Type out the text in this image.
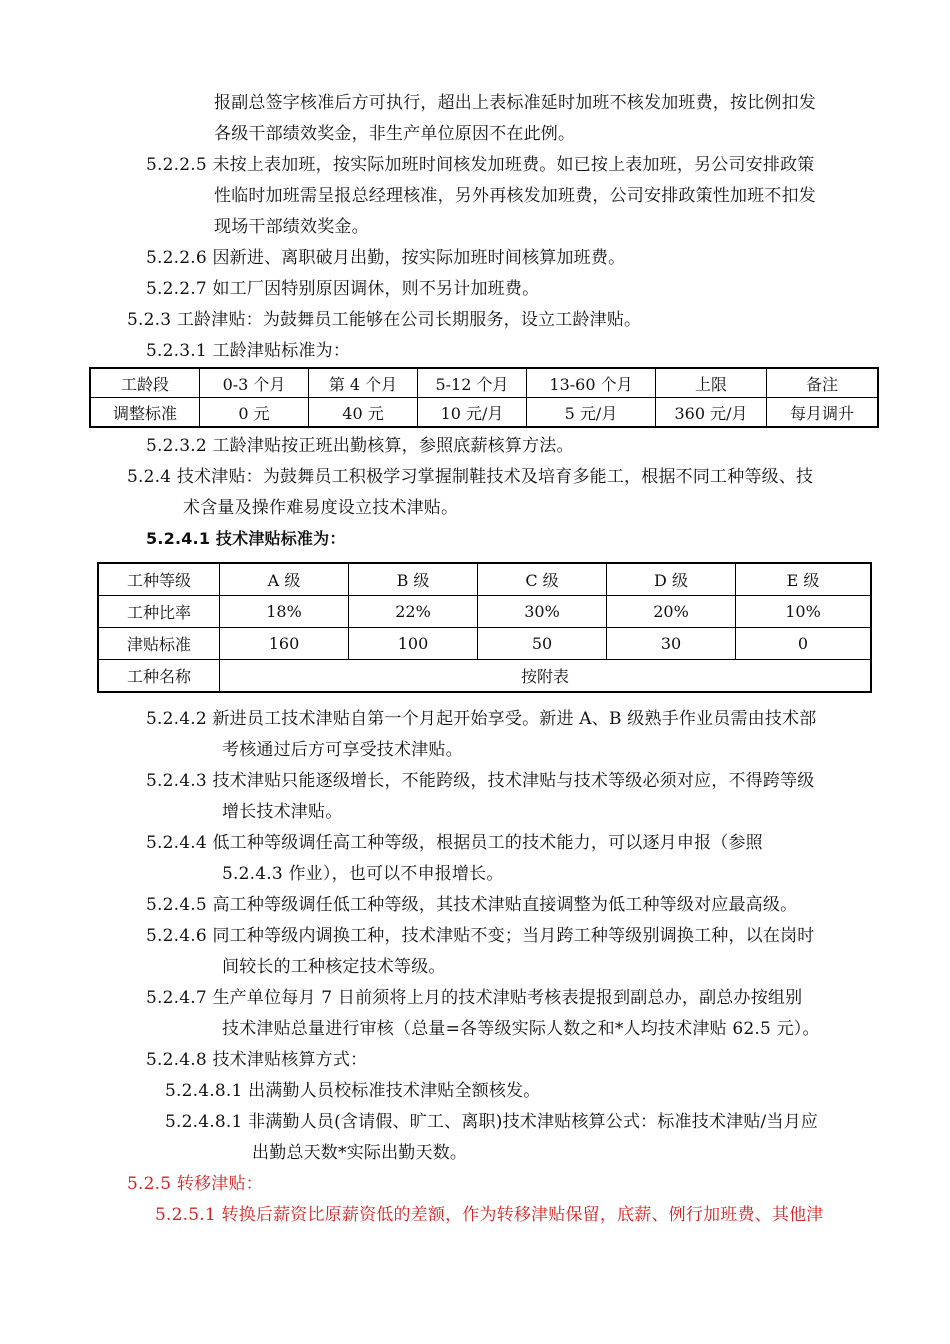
报副总签字核准后方可执行，超出上表标准延时加班不核发加班费，按比例扣发
各级干部绩效奖金，非生产单位原因不在此例。
5.2.2.5 未按上表加班，按实际加班时间核发加班费。如已按上表加班，另公司安排政策
性临时加班需呈报总经理核准，另外再核发加班费，公司安排政策性加班不扣发
现场干部绩效奖金。
5.2.2.6 因新进、离职破月出勤，按实际加班时间核算加班费。
5.2.2.7 如工厂因特别原因调休，则不另计加班费。
5.2.3 工龄津贴：为鼓舞员工能够在公司长期服务，设立工龄津贴。
5.2.3.1 工龄津贴标准为：
工龄段	0-3 个月	第 4 个月	5-12 个月	13-60 个月	上限	备注
调整标准	0 元	40 元	10 元/月	5 元/月	360 元/月	每月调升
5.2.3.2 工龄津贴按正班出勤核算，参照底薪核算方法。
5.2.4 技术津贴：为鼓舞员工积极学习掌握制鞋技术及培育多能工，根据不同工种等级、技
术含量及操作难易度设立技术津贴。
5.2.4.1 技术津贴标准为：
工种等级	A 级	B 级	C 级	D 级	E 级
工种比率	18%	22%	30%	20%	10%
津贴标准	160	100	50	30	0
工种名称	按附表				
5.2.4.2 新进员工技术津贴自第一个月起开始享受。新进 A、B 级熟手作业员需由技术部
考核通过后方可享受技术津贴。
5.2.4.3 技术津贴只能逐级增长，不能跨级，技术津贴与技术等级必须对应，不得跨等级
增长技术津贴。
5.2.4.4 低工种等级调任高工种等级，根据员工的技术能力，可以逐月申报（参照
5.2.4.3 作业），也可以不申报增长。
5.2.4.5 高工种等级调任低工种等级，其技术津贴直接调整为低工种等级对应最高级。
5.2.4.6 同工种等级内调换工种，技术津贴不变；当月跨工种等级别调换工种，以在岗时
间较长的工种核定技术等级。
5.2.4.7 生产单位每月 7 日前须将上月的技术津贴考核表提报到副总办，副总办按组别
技术津贴总量进行审核（总量=各等级实际人数之和*人均技术津贴 62.5 元）。
5.2.4.8 技术津贴核算方式：
5.2.4.8.1 出满勤人员校标准技术津贴全额核发。
5.2.4.8.1 非满勤人员(含请假、旷工、离职)技术津贴核算公式：标准技术津贴/当月应
出勤总天数*实际出勤天数。
5.2.5 转移津贴：
5.2.5.1 转换后薪资比原薪资低的差额，作为转移津贴保留，底薪、例行加班费、其他津
